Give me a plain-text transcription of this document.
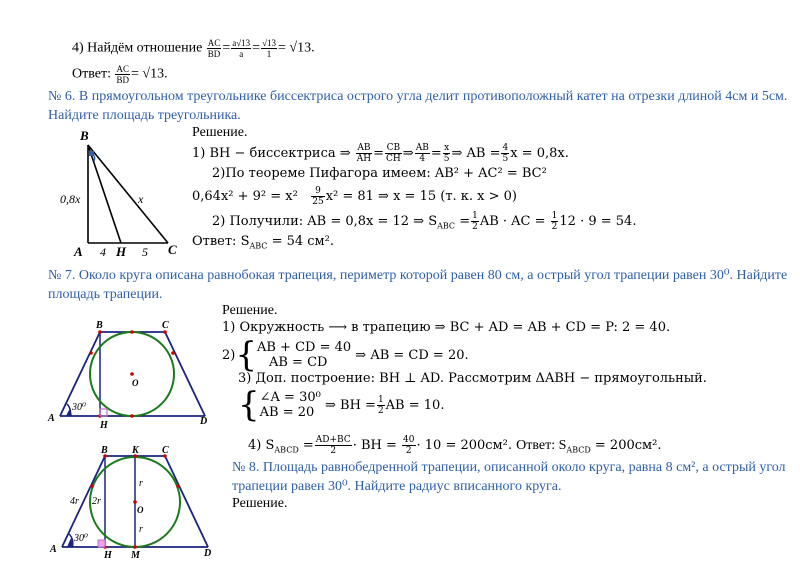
4) Найдём отношение $\frac{AC}{BD} = \frac{a√13}{a} = \frac{√13}{1} = √13$.
Ответ: $\frac{AC}{BD} = √13$.
№ 6. В прямоугольном треугольнике биссектриса острого угла делит противоположный катет на отрезки длиной 4см и 5см.
Найдите площадь треугольника.
B
A	H	C
0,8x	x
4	5
Решение.
1) BH − биссектриса ⇒ $\frac{AB}{AH} = \frac{CB}{CH}$ ⇒ $\frac{AB}{4} = \frac{x}{5}$ ⇒ AB = $\frac{4}{5}$ x = 0,8x.
2)По теореме Пифагора имеем: AB² + AC² = BC²
$0,64x^2 + 9^2 = x^2 \frac{9}{25} x^2 = 81$ ⇒ x = 15 (т. к. x > 0)
2) Получили: AB = 0,8x = 12 ⇒ $S_{ABC} = \frac{1}{2}$ AB · AC = $\frac{1}{2} 12 \cdot 9 = 54$.
Ответ: $S_{ABC} = 54$ см².
№ 7. Около круга описана равнобокая трапеция, периметр которой равен 80 см, а острый угол трапеции равен 30⁰. Найдите
площадь трапеции.
B	C
O
A
H	D
30⁰
Решение.
1) Окружность ⟶ в трапецию ⇒ BC + AD = AB + CD = P: 2 = 40.
2) { AB + CD = 40
AB = CD
	⇒ AB = CD = 20.
3) Доп. построение: BH ⊥ AD. Рассмотрим ΔABH − прямоугольный.
{ ∠A = 30⁰
AB = 20
⇒ BH = $\frac{1}{2}$ AB = 10.
4) $S_{ABCD} = \frac{AD+BC}{2}$ · BH = $\frac{40}{2} \cdot 10 = 200см^2$. Ответ: $S_{ABCD} = 200см^2$.
B K C
O
A
H M	D
30⁰
4r 2r
r
r
№ 8. Площадь равнобедренной трапеции, описанной около круга, равна 8 см², а острый угол
трапеции равен 30⁰. Найдите радиус вписанного круга.
Решение.
